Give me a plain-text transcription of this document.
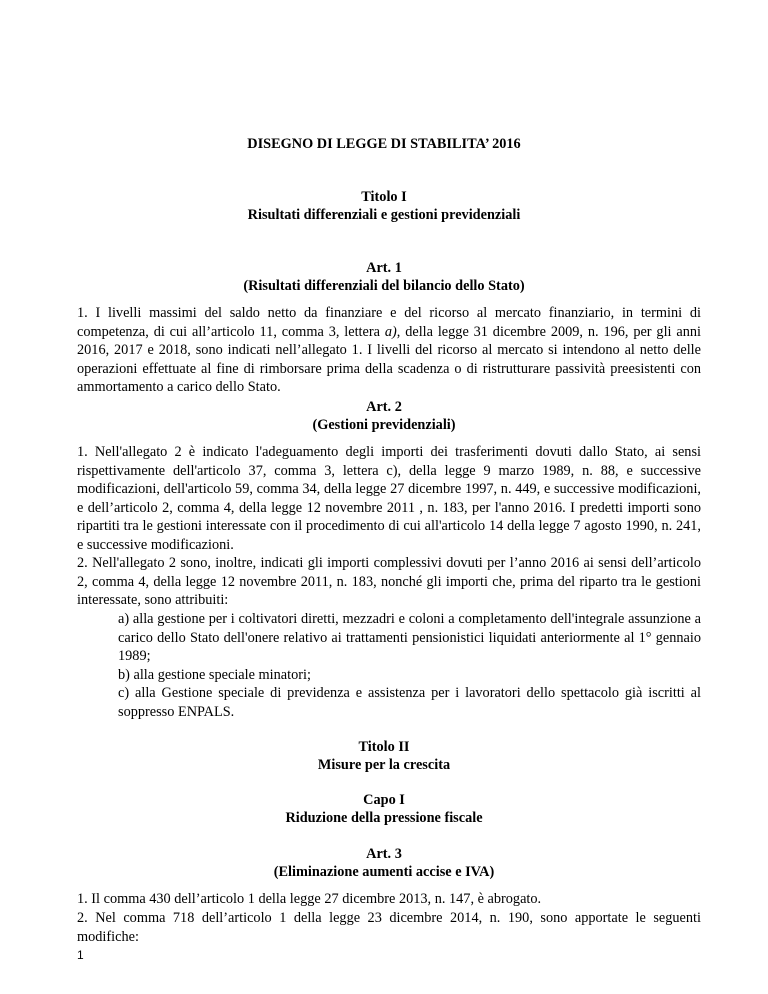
DISEGNO DI LEGGE DI STABILITA’ 2016
Titolo I
Risultati differenziali e gestioni previdenziali
Art. 1
(Risultati differenziali del bilancio dello Stato)
1. I livelli massimi del saldo netto da finanziare e del ricorso al mercato finanziario, in termini di competenza, di cui all’articolo 11, comma 3, lettera a), della legge 31 dicembre 2009, n. 196, per gli anni 2016, 2017 e 2018, sono indicati nell’allegato 1. I livelli del ricorso al mercato si intendono al netto delle operazioni effettuate al fine di rimborsare prima della scadenza o di ristrutturare passività preesistenti con ammortamento a carico dello Stato.
Art. 2
(Gestioni previdenziali)
1. Nell'allegato 2 è indicato l'adeguamento degli importi dei trasferimenti dovuti dallo Stato, ai sensi rispettivamente dell'articolo 37, comma 3, lettera c), della legge 9 marzo 1989, n. 88, e successive modificazioni, dell'articolo 59, comma 34, della legge 27 dicembre 1997, n. 449, e successive modificazioni, e dell’articolo 2, comma 4, della legge 12 novembre 2011 , n. 183, per l'anno 2016. I predetti importi sono ripartiti tra le gestioni interessate con il procedimento di cui all'articolo 14 della legge 7 agosto 1990, n. 241, e successive modificazioni.
2. Nell'allegato 2 sono, inoltre, indicati gli importi complessivi dovuti per l’anno 2016 ai sensi dell’articolo 2, comma 4, della legge 12 novembre 2011, n. 183, nonché gli importi che, prima del riparto tra le gestioni interessate, sono attribuiti:

a) alla gestione per i coltivatori diretti, mezzadri e coloni a completamento dell'integrale assunzione a carico dello Stato dell'onere relativo ai trattamenti pensionistici liquidati anteriormente al 1° gennaio 1989;

b) alla gestione speciale minatori;

c) alla Gestione speciale di previdenza e assistenza per i lavoratori dello spettacolo già iscritti al soppresso ENPALS.

Titolo II
Misure per la crescita
Capo I
Riduzione della pressione fiscale
Art. 3
(Eliminazione aumenti accise e IVA)
1. Il comma 430 dell’articolo 1 della legge 27 dicembre 2013, n. 147, è abrogato.
2. Nel comma 718 dell’articolo 1 della legge 23 dicembre 2014, n. 190, sono apportate le seguenti modifiche:
1
